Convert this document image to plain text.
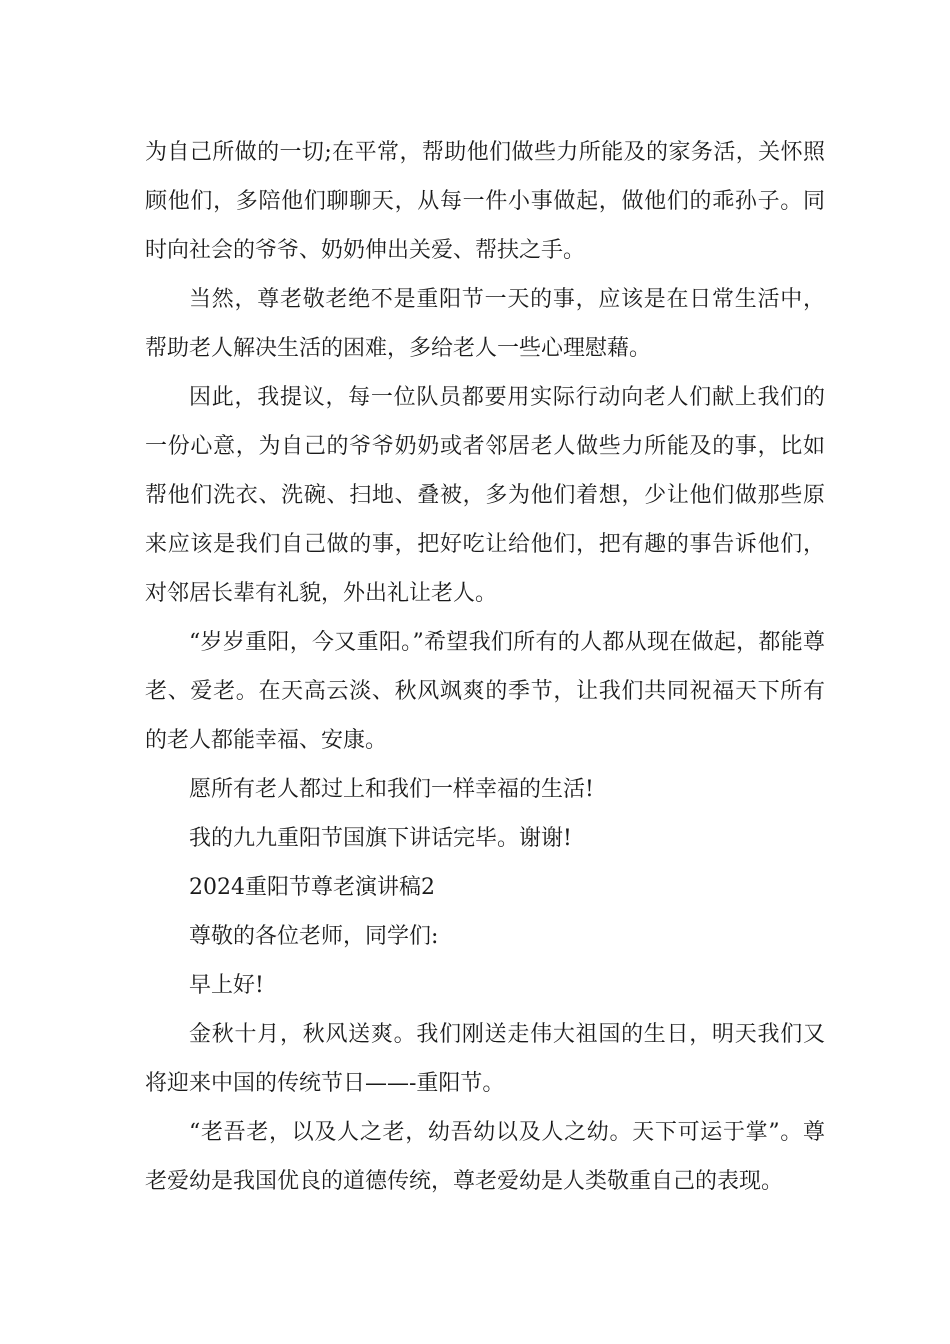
为自己所做的一切;在平常，帮助他们做些力所能及的家务活，关怀照顾他们，多陪他们聊聊天，从每一件小事做起，做他们的乖孙子。同时向社会的爷爷、奶奶伸出关爱、帮扶之手。

当然，尊老敬老绝不是重阳节一天的事，应该是在日常生活中，帮助老人解决生活的困难，多给老人一些心理慰藉。

因此，我提议，每一位队员都要用实际行动向老人们献上我们的一份心意，为自己的爷爷奶奶或者邻居老人做些力所能及的事，比如帮他们洗衣、洗碗、扫地、叠被，多为他们着想，少让他们做那些原来应该是我们自己做的事，把好吃让给他们，把有趣的事告诉他们，对邻居长辈有礼貌，外出礼让老人。

“岁岁重阳，今又重阳。”希望我们所有的人都从现在做起，都能尊老、爱老。在天高云淡、秋风飒爽的季节，让我们共同祝福天下所有的老人都能幸福、安康。

愿所有老人都过上和我们一样幸福的生活!

我的九九重阳节国旗下讲话完毕。谢谢!

2024重阳节尊老演讲稿2

尊敬的各位老师，同学们:

早上好!

金秋十月，秋风送爽。我们刚送走伟大祖国的生日，明天我们又将迎来中国的传统节日——-重阳节。

“老吾老，以及人之老，幼吾幼以及人之幼。天下可运于掌”。尊老爱幼是我国优良的道德传统，尊老爱幼是人类敬重自己的表现。
